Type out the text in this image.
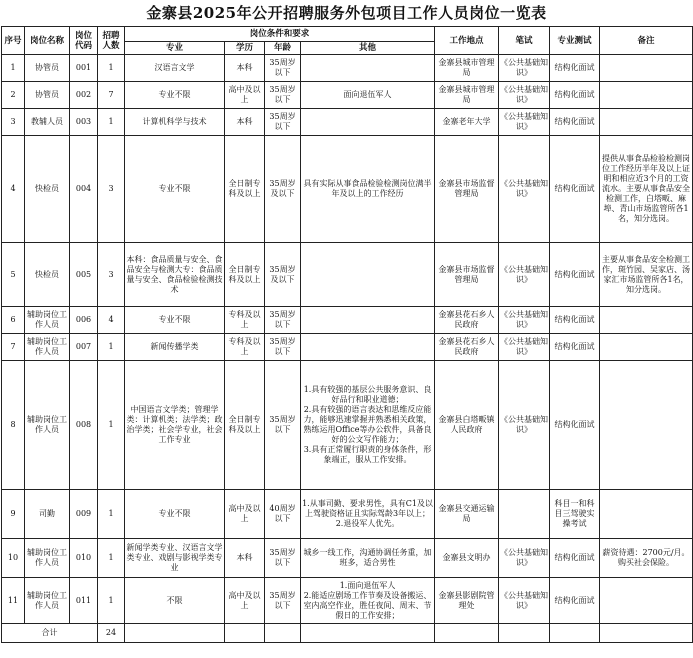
金寨县2025年公开招聘服务外包项目工作人员岗位一览表
序号	岗位名称	岗位代码	招聘人数	岗位条件和要求				工作地点	笔试	专业测试	备注
				专业	学历	年龄	其他				
1	协管员	001	1	汉语言文学	本科	35周岁以下		金寨县城市管理局	《公共基础知识》	结构化面试	
2	协管员	002	7	专业不限	高中及以上	35周岁以下	面向退伍军人	金寨县城市管理局	《公共基础知识》	结构化面试	
3	教辅人员	003	1	计算机科学与技术	本科	35周岁以下		金寨老年大学	《公共基础知识》	结构化面试	
4	快检员	004	3	专业不限	全日制专科及以上	35周岁及以下	具有实际从事食品检验检测岗位满半年及以上的工作经历	金寨县市场监督管理局	《公共基础知识》	结构化面试	提供从事食品检验检测岗位工作经历半年及以上证明和相应近3个月的工资流水。主要从事食品安全检测工作，白塔畈、麻埠、青山市场监管所各1名，知分选岗。
5	快检员	005	3	本科：食品质量与安全、食品安全与检测大专：食品质量与安全、食品检验检测技术	全日制专科及以上	35周岁及以下		金寨县市场监督管理局	《公共基础知识》	结构化面试	主要从事食品安全检测工作，斑竹园、吴家店、汤家汇市场监管所各1名，知分选岗。
6	辅助岗位工作人员	006	4	专业不限	专科及以上	35周岁以下		金寨县花石乡人民政府	《公共基础知识》	结构化面试	
7	辅助岗位工作人员	007	1	新闻传播学类	专科及以上	35周岁以下		金寨县花石乡人民政府	《公共基础知识》	结构化面试	
8	辅助岗位工作人员	008	1	中国语言文学类；管理学类：计算机类；法学类；政治学类；社会学专业，社会工作专业	全日制专科及以上	35周岁以下	1.具有较强的基层公共服务意识、良好品行和职业道德；
2.具有较强的语言表达和思维反应能力，能够迅速掌握并熟悉相关政策，熟练运用Office等办公软件，具备良好的公文写作能力；
3.具有正常履行职责的身体条件，形象端正，服从工作安排。	金寨县白塔畈镇人民政府	《公共基础知识》	结构化面试	
9	司勤	009	1	专业不限	高中及以上	40周岁以下	1.从事司勤、要求男性，具有C1及以上驾驶资格证且实际驾龄3年以上；2.退役军人优先。	金寨县交通运输局		科目一和科目三驾驶实操考试	
10	辅助岗位工作人员	010	1	新闻学类专业、汉语言文学类专业、戏剧与影视学类专业	本科	35周岁以下	城乡一线工作，沟通协调任务重，加班多，适合男性	金寨县文明办	《公共基础知识》	结构化面试	薪资待遇：2700元/月。购买社会保险。
11	辅助岗位工作人员	011	1	不限	高中及以上	35周岁以下	1.面向退伍军人
2.能适应剧场工作节奏及设备搬运、室内高空作业，胜任夜间、周末、节假日的工作安排；	金寨县影剧院管理处	《公共基础知识》	结构化面试	
合计			24								
